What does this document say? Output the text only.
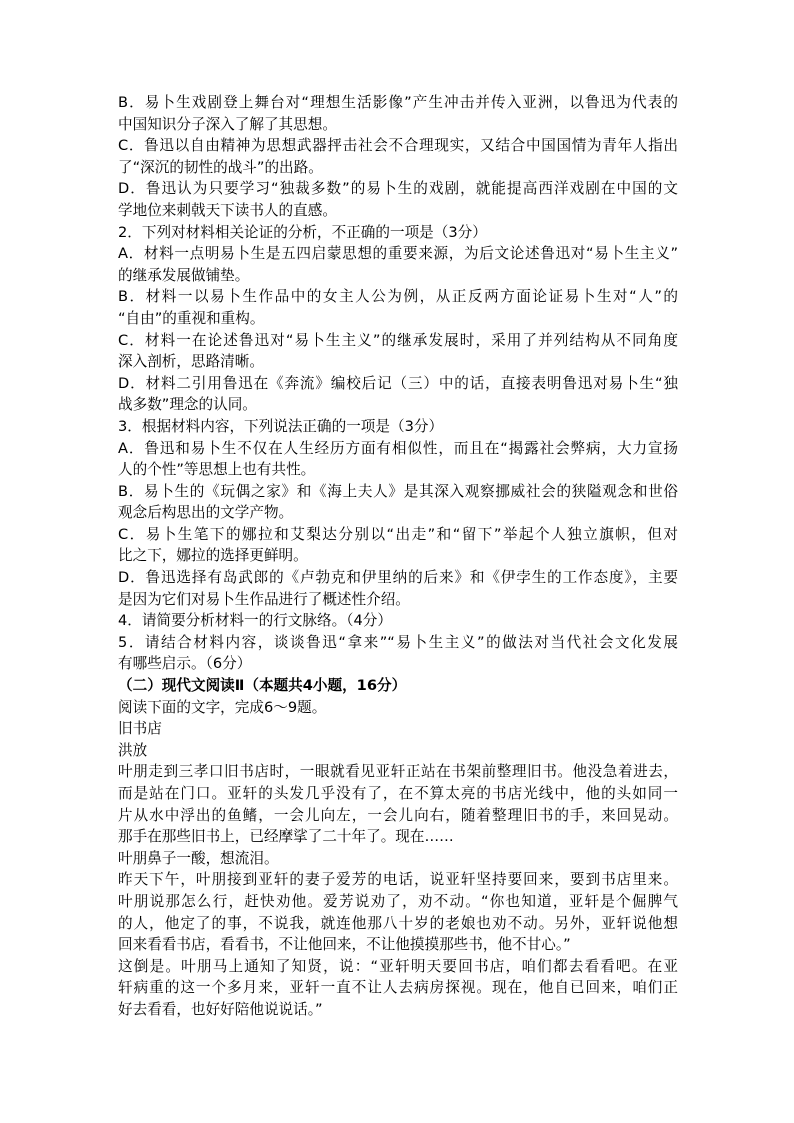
B．易卜生戏剧登上舞台对“理想生活影像”产生冲击并传入亚洲，以鲁迅为代表的
中国知识分子深入了解了其思想。
C．鲁迅以自由精神为思想武器抨击社会不合理现实，又结合中国国情为青年人指出
了“深沉的韧性的战斗”的出路。
D．鲁迅认为只要学习“独裁多数”的易卜生的戏剧，就能提高西洋戏剧在中国的文
学地位来刺戟天下读书人的直感。
2．下列对材料相关论证的分析，不正确的一项是（3分）
A．材料一点明易卜生是五四启蒙思想的重要来源，为后文论述鲁迅对“易卜生主义”
的继承发展做铺垫。
B．材料一以易卜生作品中的女主人公为例，从正反两方面论证易卜生对“人”的
“自由”的重视和重构。
C．材料一在论述鲁迅对“易卜生主义”的继承发展时，采用了并列结构从不同角度
深入剖析，思路清晰。
D．材料二引用鲁迅在《奔流》编校后记（三）中的话，直接表明鲁迅对易卜生“独
战多数”理念的认同。
3．根据材料内容，下列说法正确的一项是（3分）
A．鲁迅和易卜生不仅在人生经历方面有相似性，而且在“揭露社会弊病，大力宣扬
人的个性”等思想上也有共性。
B．易卜生的《玩偶之家》和《海上夫人》是其深入观察挪威社会的狭隘观念和世俗
观念后构思出的文学产物。
C．易卜生笔下的娜拉和艾梨达分别以“出走”和“留下”举起个人独立旗帜，但对
比之下，娜拉的选择更鲜明。
D．鲁迅选择有岛武郎的《卢勃克和伊里纳的后来》和《伊孛生的工作态度》，主要
是因为它们对易卜生作品进行了概述性介绍。
4．请简要分析材料一的行文脉络。（4分）
5．请结合材料内容，谈谈鲁迅“拿来”“易卜生主义”的做法对当代社会文化发展
有哪些启示。（6分）
（二）现代文阅读Ⅱ（本题共4小题，16分）
阅读下面的文字，完成6～9题。
旧书店
洪放
叶朋走到三孝口旧书店时，一眼就看见亚轩正站在书架前整理旧书。他没急着进去，
而是站在门口。亚轩的头发几乎没有了，在不算太亮的书店光线中，他的头如同一
片从水中浮出的鱼鳍，一会儿向左，一会儿向右，随着整理旧书的手，来回晃动。
那手在那些旧书上，已经摩挲了二十年了。现在……
叶朋鼻子一酸，想流泪。
昨天下午，叶朋接到亚轩的妻子爱芳的电话，说亚轩坚持要回来，要到书店里来。
叶朋说那怎么行，赶快劝他。爱芳说劝了，劝不动。“你也知道，亚轩是个倔脾气
的人，他定了的事，不说我，就连他那八十岁的老娘也劝不动。另外，亚轩说他想
回来看看书店，看看书，不让他回来，不让他摸摸那些书，他不甘心。”
这倒是。叶朋马上通知了知贤，说：“亚轩明天要回书店，咱们都去看看吧。在亚
轩病重的这一个多月来，亚轩一直不让人去病房探视。现在，他自已回来，咱们正
好去看看，也好好陪他说说话。”
